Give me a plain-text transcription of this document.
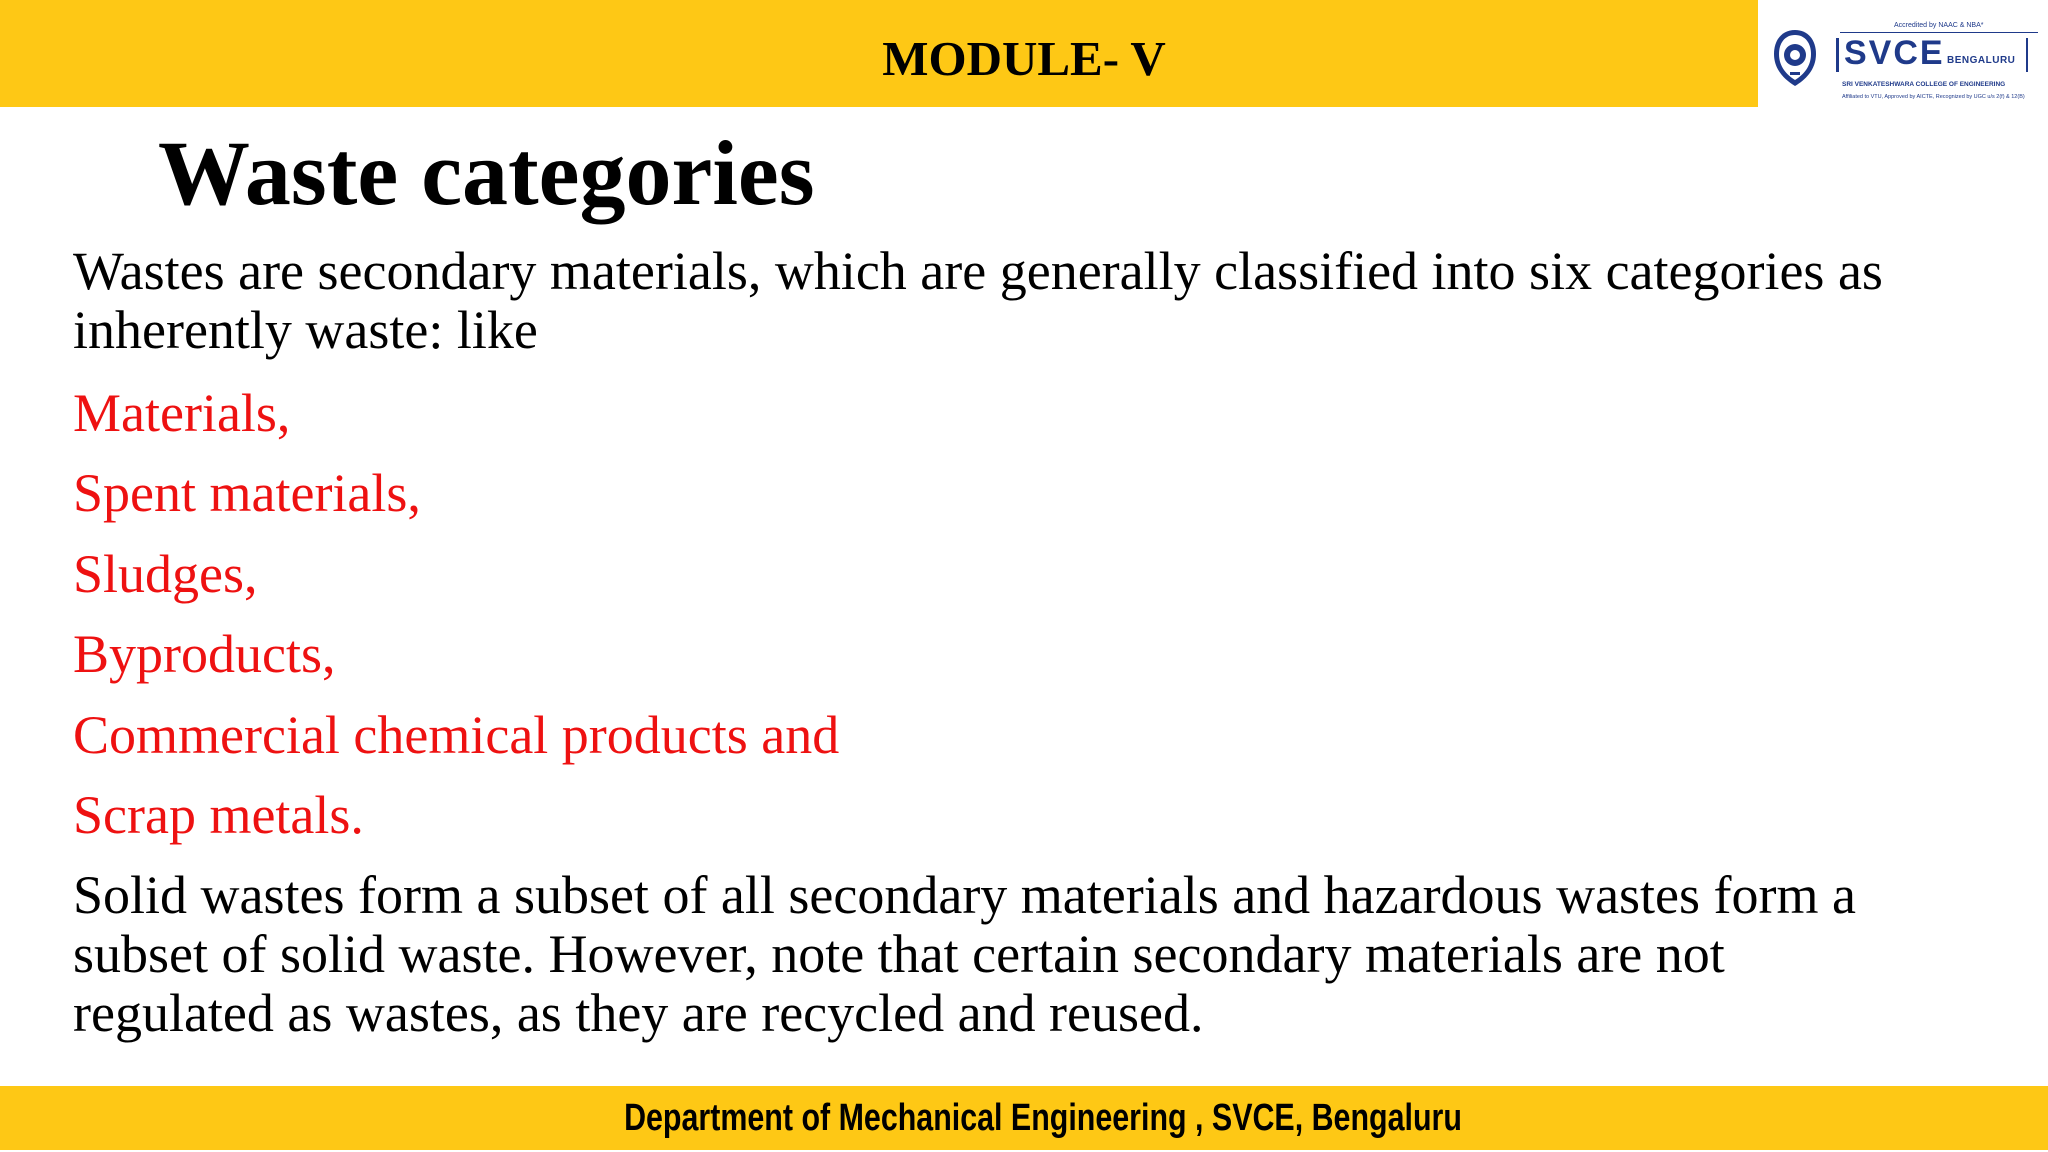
MODULE- V
Accredited by NAAC & NBA*
SVCE BENGALURU
SRI VENKATESHWARA COLLEGE OF ENGINEERING
Affiliated to VTU, Approved by AICTE, Recognized by UGC u/s 2(f) & 12(B)
Waste categories
Wastes are secondary materials, which are generally classified into six categories as
inherently waste: like
Materials,
Spent materials,
Sludges,
Byproducts,
Commercial chemical products and
Scrap metals.
Solid wastes form a subset of all secondary materials and hazardous wastes form a
subset of solid waste. However, note that certain secondary materials are not
regulated as wastes, as they are recycled and reused.
Department of Mechanical Engineering , SVCE, Bengaluru
